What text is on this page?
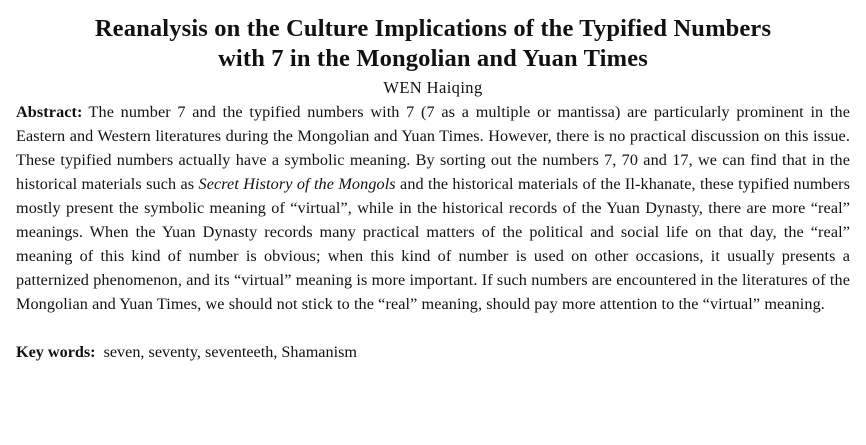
Reanalysis on the Culture Implications of the Typified Numbers
with 7 in the Mongolian and Yuan Times
WEN Haiqing

Abstract: The number 7 and the typified numbers with 7 (7 as a multiple or mantissa) are particularly prominent in the Eastern and Western literatures during the Mongolian and Yuan Times. However, there is no practical discussion on this issue. These typified numbers actually have a symbolic meaning. By sorting out the numbers 7, 70 and 17, we can find that in the historical materials such as Secret History of the Mongols and the historical materials of the Il-khanate, these typified numbers mostly present the symbolic meaning of “virtual”, while in the historical records of the Yuan Dynasty, there are more “real” meanings. When the Yuan Dynasty records many practical matters of the political and social life on that day, the “real” meaning of this kind of number is obvious; when this kind of number is used on other occasions, it usually presents a patternized phenomenon, and its “virtual” meaning is more important. If such numbers are encountered in the literatures of the Mongolian and Yuan Times, we should not stick to the “real” meaning, should pay more attention to the “virtual” meaning.

Key words: seven, seventy, seventeeth, Shamanism
